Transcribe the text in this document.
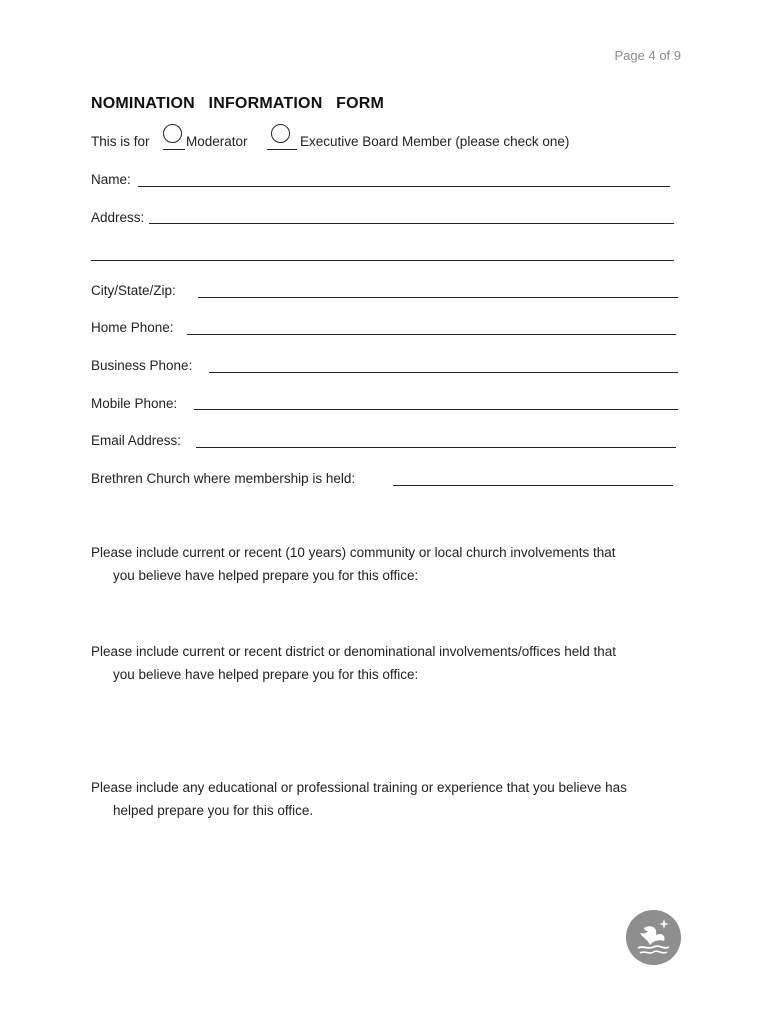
Page 4 of 9
NOMINATION INFORMATION FORM
This is for	Moderator	Executive Board Member (please check one)
Name:
Address:
City/State/Zip:
Home Phone:
Business Phone:
Mobile Phone:
Email Address:
Brethren Church where membership is held:
Please include current or recent (10 years) community or local church involvements that
you believe have helped prepare you for this office:
Please include current or recent district or denominational involvements/offices held that
you believe have helped prepare you for this office:
Please include any educational or professional training or experience that you believe has
helped prepare you for this office.
